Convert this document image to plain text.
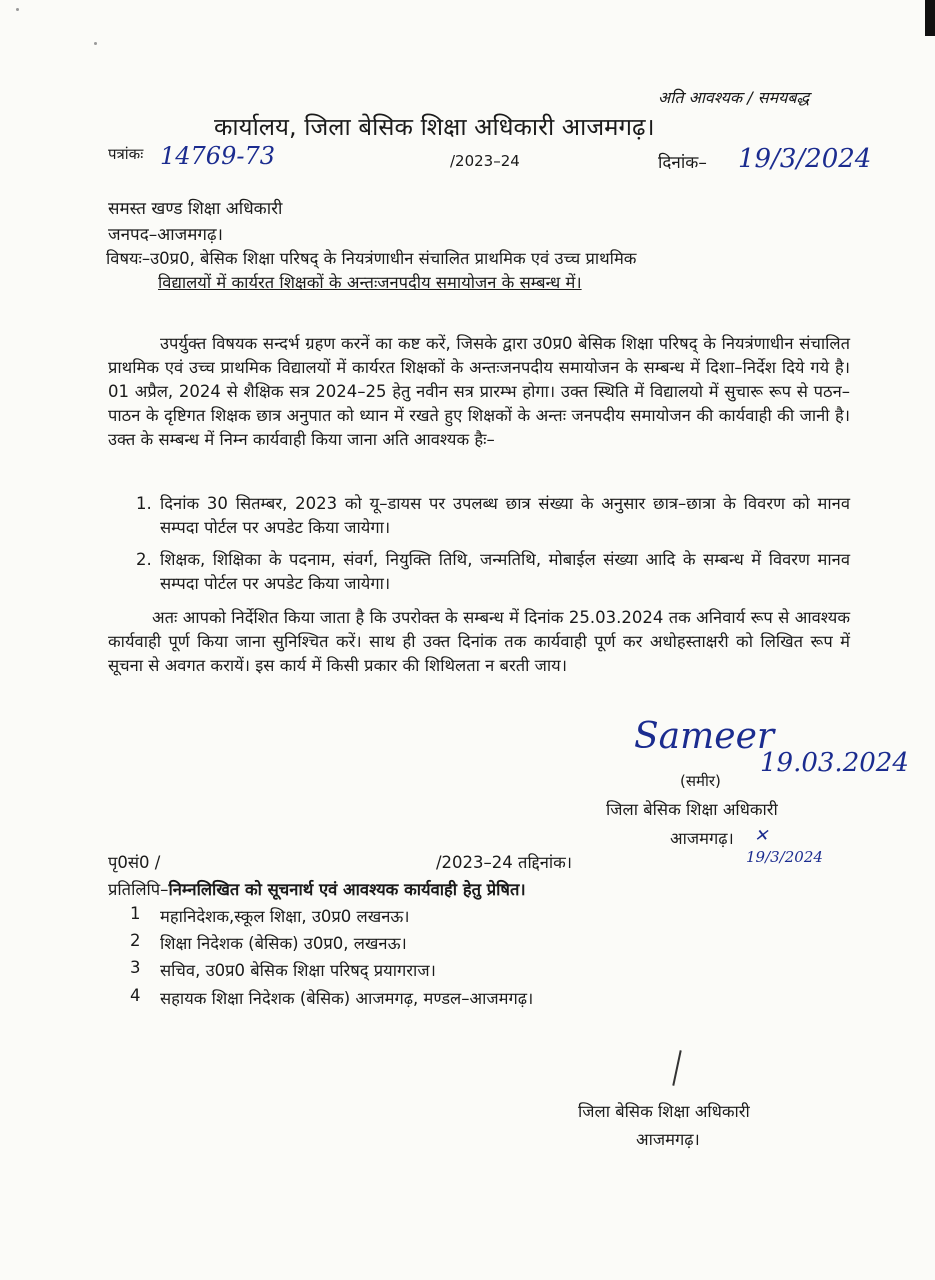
अति आवश्यक / समयबद्ध
कार्यालय, जिला बेसिक शिक्षा अधिकारी आजमगढ़।
पत्रांकः 14769-73	/2023–24	दिनांक– 19/3/2024
समस्त खण्ड शिक्षा अधिकारी
जनपद–आजमगढ़।
विषयः–उ0प्र0, बेसिक शिक्षा परिषद् के नियत्रंणाधीन संचालित प्राथमिक एवं उच्च प्राथमिक
विद्यालयों में कार्यरत शिक्षकों के अन्तःजनपदीय समायोजन के सम्बन्ध में।
उपर्युक्त विषयक सन्दर्भ ग्रहण करनें का कष्ट करें, जिसके द्वारा उ0प्र0 बेसिक शिक्षा परिषद् के नियत्रंणाधीन संचालित प्राथमिक एवं उच्च प्राथमिक विद्यालयों में कार्यरत शिक्षकों के अन्तःजनपदीय समायोजन के सम्बन्ध में दिशा–निर्देश दिये गये है। 01 अप्रैल, 2024 से शैक्षिक सत्र 2024–25 हेतु नवीन सत्र प्रारम्भ होगा। उक्त स्थिति में विद्यालयो में सुचारू रूप से पठन–पाठन के दृष्टिगत शिक्षक छात्र अनुपात को ध्यान में रखते हुए शिक्षकों के अन्तः जनपदीय समायोजन की कार्यवाही की जानी है। उक्त के सम्बन्ध में निम्न कार्यवाही किया जाना अति आवश्यक हैः–
1. दिनांक 30 सितम्बर, 2023 को यू–डायस पर उपलब्ध छात्र संख्या के अनुसार छात्र–छात्रा के विवरण को मानव सम्पदा पोर्टल पर अपडेट किया जायेगा।
2. शिक्षक, शिक्षिका के पदनाम, संवर्ग, नियुक्ति तिथि, जन्मतिथि, मोबाईल संख्या आदि के सम्बन्ध में विवरण मानव सम्पदा पोर्टल पर अपडेट किया जायेगा।
अतः आपको निर्देशित किया जाता है कि उपरोक्त के सम्बन्ध में दिनांक 25.03.2024 तक अनिवार्य रूप से आवश्यक कार्यवाही पूर्ण किया जाना सुनिश्चित करें। साथ ही उक्त दिनांक तक कार्यवाही पूर्ण कर अधोहस्ताक्षरी को लिखित रूप में सूचना से अवगत करायें। इस कार्य में किसी प्रकार की शिथिलता न बरती जाय।
Sameer
19.03.2024
(समीर)
जिला बेसिक शिक्षा अधिकारी
आजमगढ़। ✕
19/3/2024
पृ0सं0 /	/2023–24 तद्दिनांक।
प्रतिलिपि–निम्नलिखित को सूचनार्थ एवं आवश्यक कार्यवाही हेतु प्रेषित।
1 महानिदेशक,स्कूल शिक्षा, उ0प्र0 लखनऊ।
2 शिक्षा निदेशक (बेसिक) उ0प्र0, लखनऊ।
3 सचिव, उ0प्र0 बेसिक शिक्षा परिषद् प्रयागराज।
4 सहायक शिक्षा निदेशक (बेसिक) आजमगढ़, मण्डल–आजमगढ़।
जिला बेसिक शिक्षा अधिकारी
आजमगढ़।
